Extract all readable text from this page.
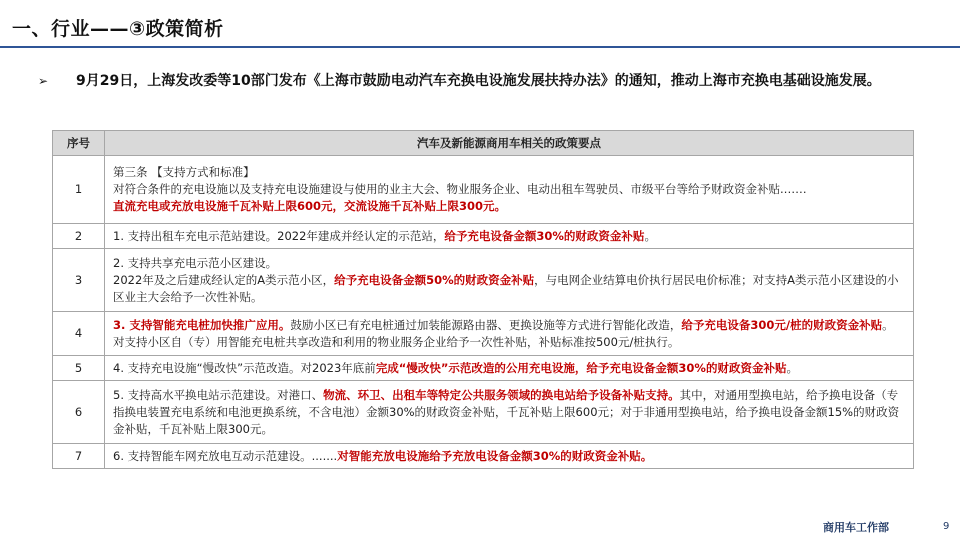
一、行业——③政策简析
➢	9月29日，上海发改委等10部门发布《上海市鼓励电动汽车充换电设施发展扶持办法》的通知，推动上海市充换电基础设施发展。
序号	汽车及新能源商用车相关的政策要点
1	第三条 【支持方式和标准】
对符合条件的充电设施以及支持充电设施建设与使用的业主大会、物业服务企业、电动出租车驾驶员、市级平台等给予财政资金补贴.……
直流充电或充放电设施千瓦补贴上限600元，交流设施千瓦补贴上限300元。

2	1. 支持出租车充电示范站建设。2022年建成并经认定的示范站，给予充电设备金额30%的财政资金补贴。
3	2. 支持共享充电示范小区建设。
2022年及之后建成经认定的A类示范小区，给予充电设备金额50%的财政资金补贴，与电网企业结算电价执行居民电价标准；对支持A类示范小区建设的小区业主大会给予一次性补贴。

4	3. 支持智能充电桩加快推广应用。鼓励小区已有充电桩通过加装能源路由器、更换设施等方式进行智能化改造，给予充电设备300元/桩的财政资金补贴。对支持小区自（专）用智能充电桩共享改造和利用的物业服务企业给予一次性补贴，补贴标准按500元/桩执行。
5	4. 支持充电设施“慢改快”示范改造。对2023年底前完成“慢改快”示范改造的公用充电设施，给予充电设备金额30%的财政资金补贴。
6	5. 支持高水平换电站示范建设。对港口、物流、环卫、出租车等特定公共服务领域的换电站给予设备补贴支持。其中，对通用型换电站，给予换电设备（专指换电装置充电系统和电池更换系统，不含电池）金额30%的财政资金补贴，千瓦补贴上限600元；对于非通用型换电站，给予换电设备金额15%的财政资金补贴，千瓦补贴上限300元。
7	6. 支持智能车网充放电互动示范建设。.......对智能充放电设施给予充放电设备金额30%的财政资金补贴。
商用车工作部	9
